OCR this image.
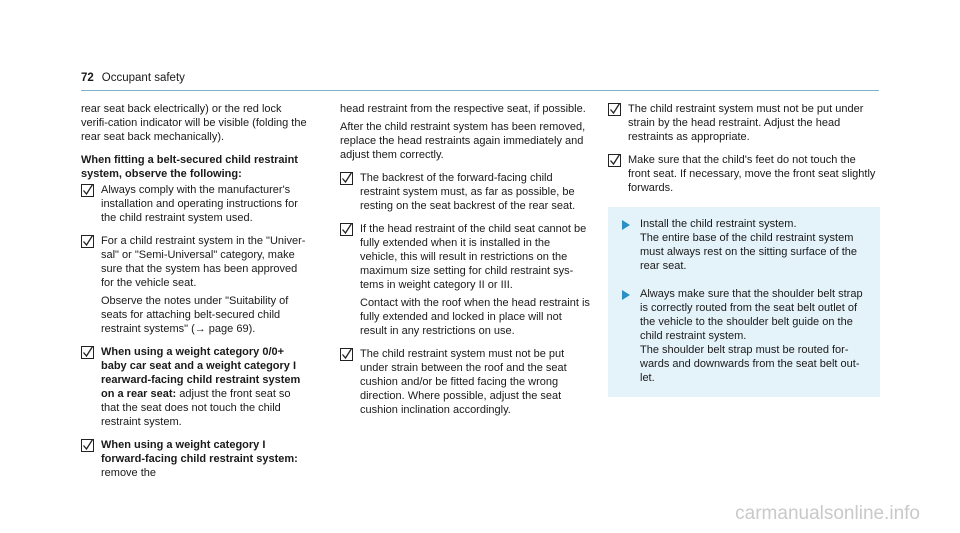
72 Occupant safety

rear seat back electrically) or the red lock verifi-cation indicator will be visible (folding the rear seat back mechanically).

When fitting a belt-secured child restraint system, observe the following:

Always comply with the manufacturer's installation and operating instructions for the child restraint system used.

For a child restraint system in the "Univer-sal" or "Semi-Universal" category, make sure that the system has been approved for the vehicle seat.

Observe the notes under "Suitability of seats for attaching belt-secured child restraint systems" (→ page 69).

When using a weight category 0/0+ baby car seat and a weight category I rearward-facing child restraint system on a rear seat: adjust the front seat so that the seat does not touch the child restraint system.

When using a weight category I forward-facing child restraint system: remove the

head restraint from the respective seat, if possible.

After the child restraint system has been removed, replace the head restraints again immediately and adjust them correctly.

The backrest of the forward-facing child restraint system must, as far as possible, be resting on the seat backrest of the rear seat.

If the head restraint of the child seat cannot be fully extended when it is installed in the vehicle, this will result in restrictions on the maximum size setting for child restraint sys-tems in weight category II or III.

Contact with the roof when the head restraint is fully extended and locked in place will not result in any restrictions on use.

The child restraint system must not be put under strain between the roof and the seat cushion and/or be fitted facing the wrong direction. Where possible, adjust the seat cushion inclination accordingly.

The child restraint system must not be put under strain by the head restraint. Adjust the head restraints as appropriate.

Make sure that the child's feet do not touch the front seat. If necessary, move the front seat slightly forwards.

Install the child restraint system.
The entire base of the child restraint system must always rest on the sitting surface of the rear seat.
Always make sure that the shoulder belt strap is correctly routed from the seat belt outlet of the vehicle to the shoulder belt guide on the child restraint system.
The shoulder belt strap must be routed for-wards and downwards from the seat belt out-let.
carmanualsonline.info
